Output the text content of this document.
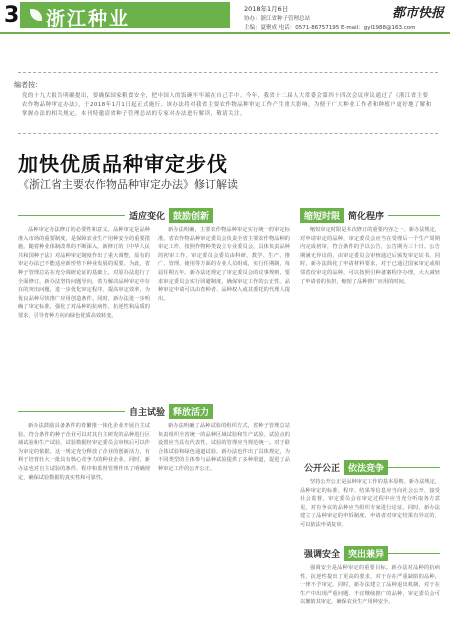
3 浙江种业	2018年1月6日	都市快报
协办：浙江省种子管理总站
主编：夏聚成 电话：0571-86757195 E-mail：gyl1988@163.com
编者按：
党的十九大报告明确提出，要确保国家粮食安全，把中国人的饭碗牢牢端在自己手中。今年，我省十二届人大常委会第四十四次会议审议通过了《浙江省主要农作物品种审定办法》，于2018年1月1日起正式施行。该办法将对我省主要农作物品种审定工作产生重大影响。为便于广大种业工作者和种植户更好地了解和掌握办法的相关规定，本刊特邀请省种子管理总站的专家对办法进行解读，敬请关注。
加快优质品种审定步伐
《浙江省主要农作物品种审定办法》修订解读
适应变化 鼓励创新	缩短时限 简化程序
自主试验 释放活力
公开公正 依法竞争
强调安全 突出兼异

品种审定办法修订的必要性和意义。品种审定是品种准入市场的重要制度，是保障农业生产用种安全的重要措施。随着种业体制改革的不断深入，新修订的《中华人民共和国种子法》对品种审定制度作出了重大调整，原有的审定办法已不能适应新形势下种业发展的需要。为此，省种子管理总站在充分调研论证的基础上，对原办法进行了全面修订。新办法坚持问题导向，着力解决品种审定中存在的突出问题，进一步优化审定程序，提高审定效率，为优良品种尽快推广应用创造条件。同时，新办法进一步明确了审定标准，强化了对品种的抗病性、抗逆性和品质的要求，引导育种方向向绿色优质高效转变。

新办法明确，主要农作物品种审定实行统一的审定标准。省农作物品种审定委员会负责全省主要农作物品种的审定工作，按照作物种类设立专业委员会，具体负责品种的初审工作。审定委员会委员由科研、教学、生产、推广、管理、使用等方面的专业人员组成，实行任期制，每届任期五年。新办法还规定了审定委员会的议事规则，要求审定委员会实行回避制度，确保审定工作的公正性。品种审定申请可以由育种者、品种权人或其委托的代理人提出。

缩短审定时限是本次修订的重要内容之一。新办法规定，对申请审定的品种，审定委员会应当在受理后一个生产周期内完成初审，符合条件的予以公告，公告期为三十日。公告期满无异议的，由审定委员会审核通过后颁发审定证书。同时，新办法简化了申请材料要求，对于已通过国家审定或相邻省份审定的品种，可以按照引种备案程序办理，大大减轻了申请者的负担，缩短了品种推广应用的时间。

新办法鼓励具备条件的育繁推一体化企业开展自主试验。符合条件的种子企业可以对其自主研发的品种进行区域试验和生产试验，试验数据经审定委员会审核后可以作为审定的依据。这一规定充分释放了企业的创新活力，有利于培育壮大一批具有核心竞争力的种业企业。同时，新办法也对自主试验的条件、程序和监督管理作出了明确规定，确保试验数据的真实性和可靠性。

新办法明确了品种试验的组织方式，省种子管理总站负责组织全省统一的品种区域试验和生产试验。试验点的设置应当具有代表性，试验的管理应当规范统一。对于联合体试验和绿色通道试验，新办法也作出了具体规定，为不同类型的主体参与品种试验提供了多种渠道，促进了品种审定工作的公开公正。

坚持公开公正是品种审定工作的基本原则。新办法规定，品种审定的标准、程序、结果等信息应当向社会公开，接受社会监督。审定委员会在审定过程中应当充分听取各方意见，对有争议的品种应当组织专家进行论证。同时，新办法建立了品种审定的申诉制度，申请者对审定结果有异议的，可以依法申请复审。

强调安全是品种审定的重要目标。新办法对品种的抗病性、抗逆性提出了更高的要求，对于存在严重缺陷的品种，一律不予审定。同时，新办法建立了品种退出机制，对于在生产中出现严重问题、不宜继续推广的品种，审定委员会可以撤销其审定，确保农业生产用种安全。
